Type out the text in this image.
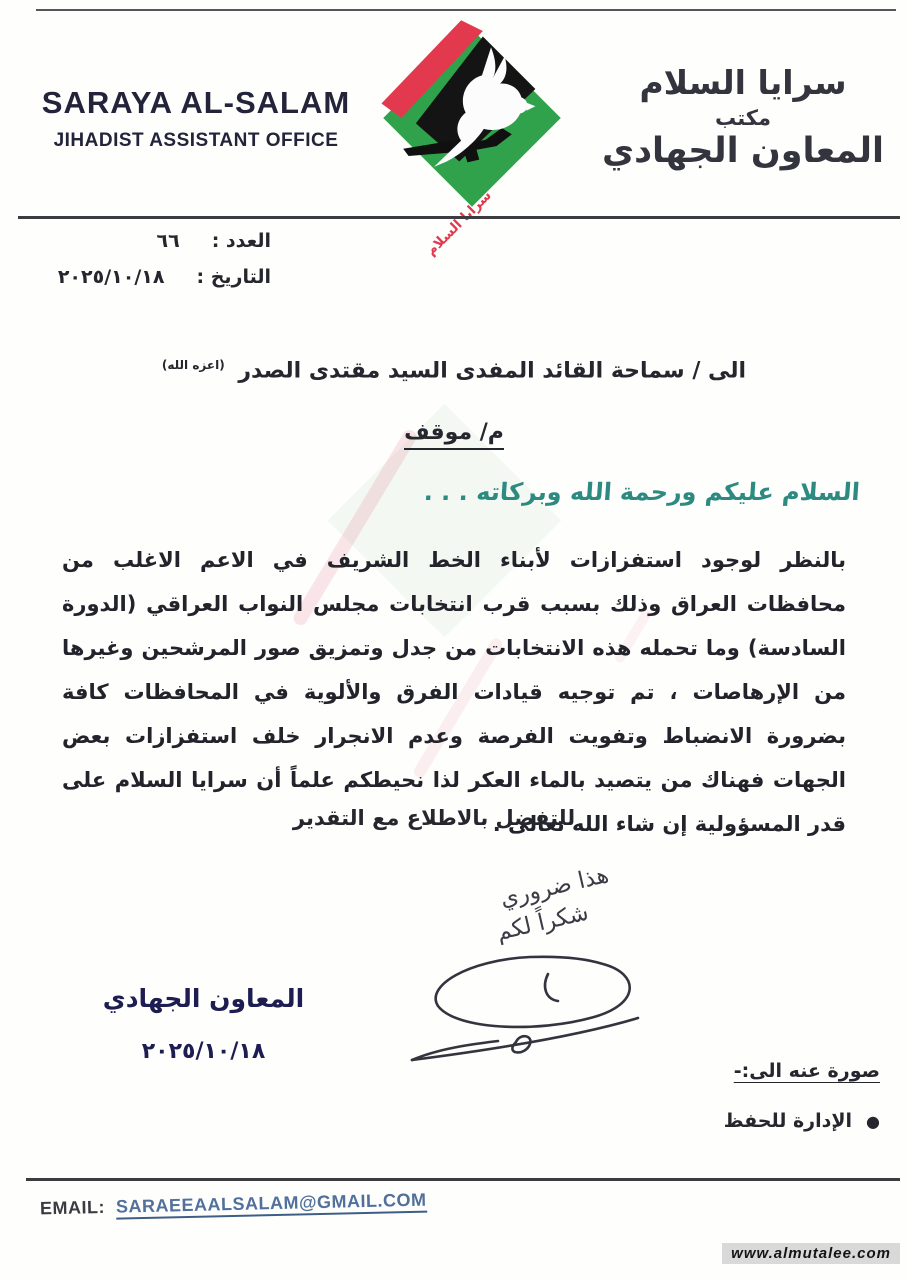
SARAYA AL-SALAM
JIHADIST ASSISTANT OFFICE
سرايا السلام
سرايا السلام
مكتب
المعاون الجهادي
العدد :
٦٦
التاريخ :
٢٠٢٥/١٠/١٨
الى / سماحة القائد المفدى السيد مقتدى الصدر $^{(اعزه الله)}$
م/ موقف
السلام عليكم ورحمة الله وبركاته . . .
بالنظر لوجود استفزازات لأبناء الخط الشريف في الاعم الاغلب من محافظات العراق وذلك بسبب قرب انتخابات مجلس النواب العراقي (الدورة السادسة) وما تحمله هذه الانتخابات من جدل وتمزيق صور المرشحين وغيرها من الإرهاصات ، تم توجيه قيادات الفرق والألوية في المحافظات كافة بضرورة الانضباط وتفويت الفرصة وعدم الانجرار خلف استفزازات بعض الجهات فهناك من يتصيد بالماء العكر لذا نحيطكم علماً أن سرايا السلام على قدر المسؤولية إن شاء الله تعالى .
للتفضل بالاطلاع مع التقدير
هذا ضروري
شكراً لكم
المعاون الجهادي
٢٠٢٥/١٠/١٨
صورة عنه الى:-
●
الإدارة للحفظ
EMAIL: SARAEEAALSALAM@GMAIL.COM
www.almutalee.com
